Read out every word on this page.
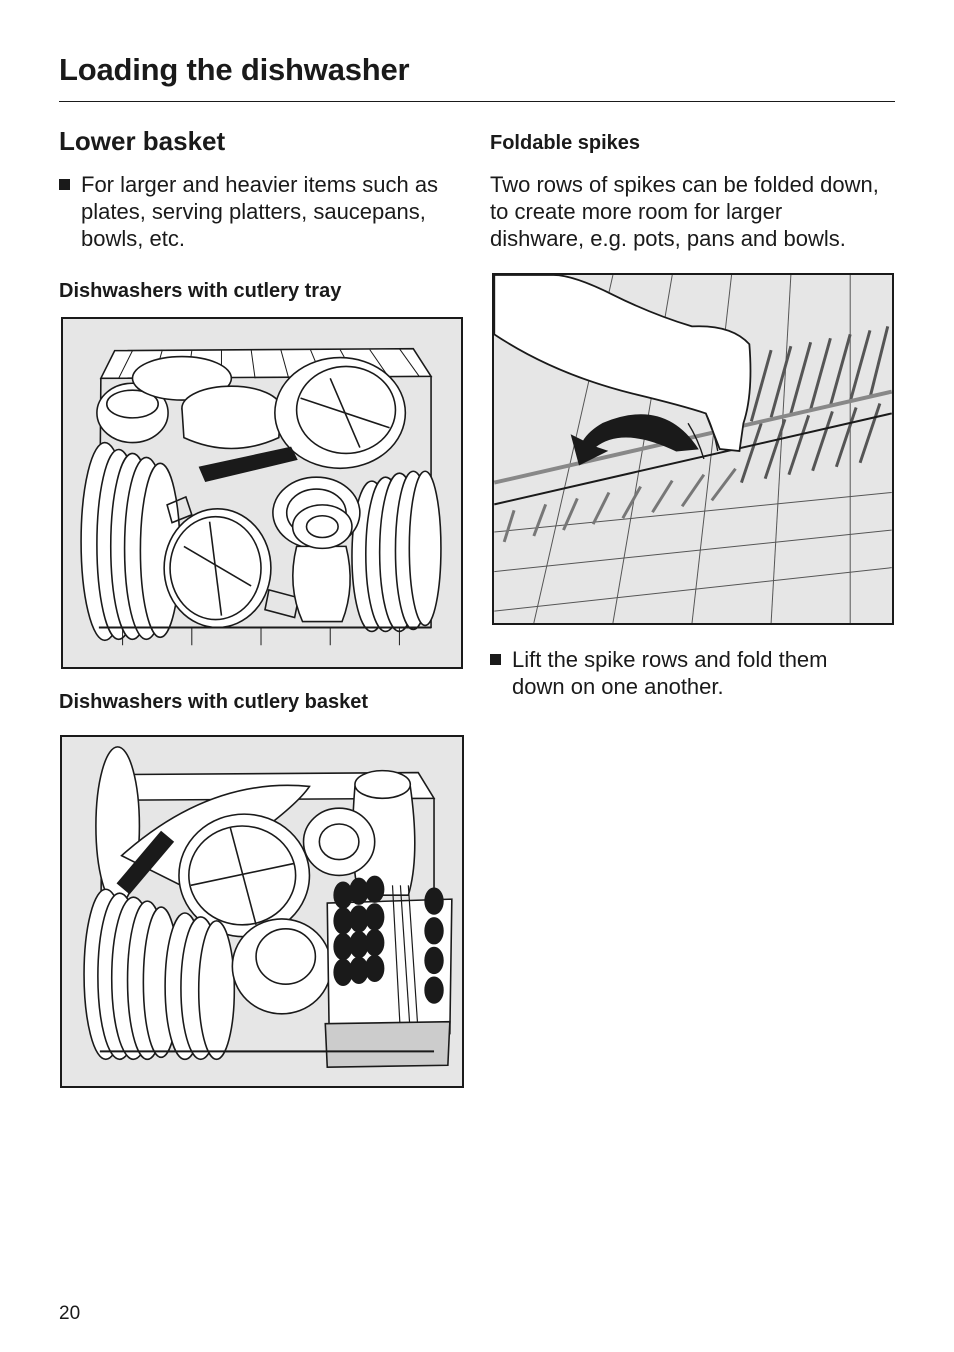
Loading the dishwasher
Lower basket
For larger and heavier items such as plates, serving platters, saucepans, bowls, etc.
Dishwashers with cutlery tray
Dishwashers with cutlery basket
Foldable spikes

Two rows of spikes can be folded down, to create more room for larger dishware, e.g. pots, pans and bowls.

Lift the spike rows and fold them down on one another.
20
